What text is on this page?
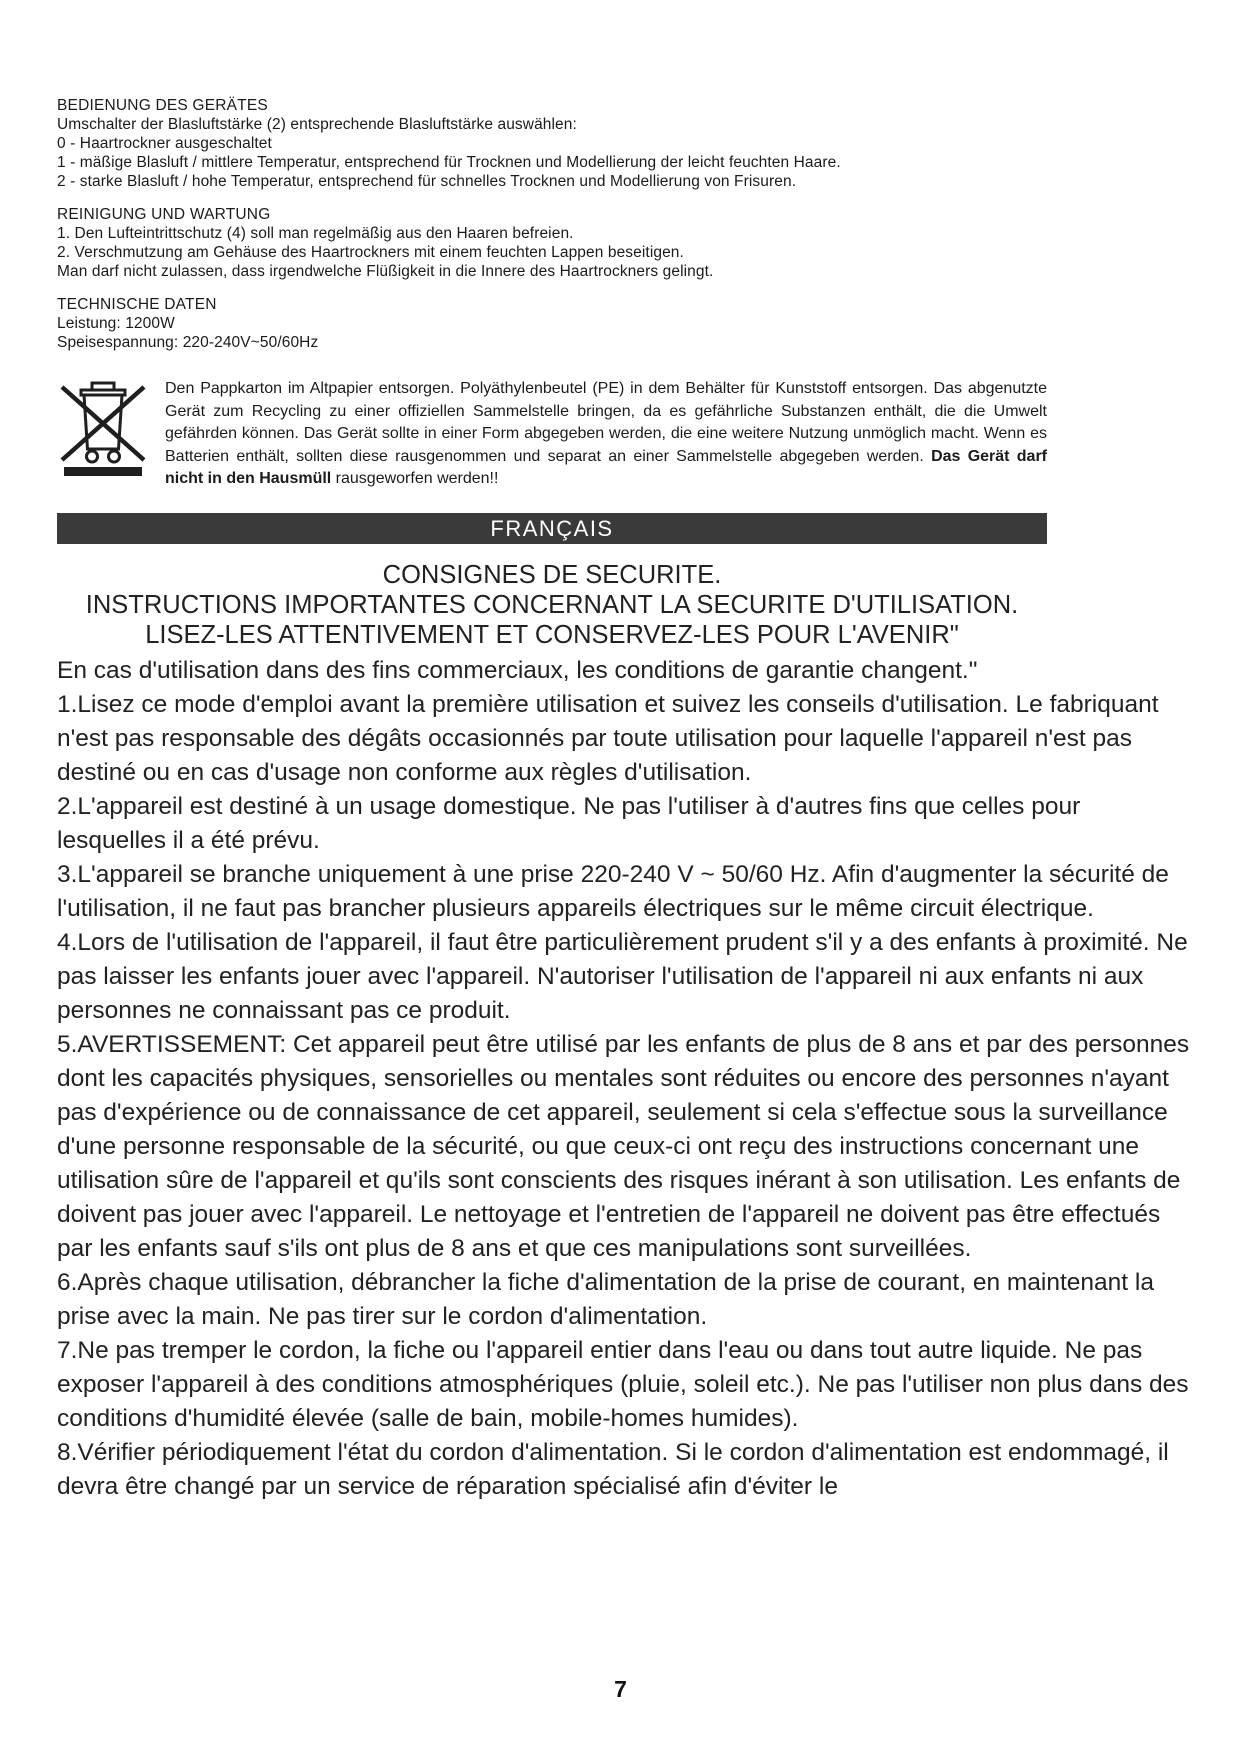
BEDIENUNG DES GERÄTES
Umschalter der Blasluftstärke (2) entsprechende Blasluftstärke auswählen:
0 - Haartrockner ausgeschaltet
1 - mäßige Blasluft / mittlere Temperatur, entsprechend für Trocknen und Modellierung der leicht feuchten Haare.
2 - starke Blasluft / hohe Temperatur, entsprechend für schnelles Trocknen und Modellierung von Frisuren.
REINIGUNG UND WARTUNG
1. Den Lufteintrittschutz (4) soll man regelmäßig aus den Haaren befreien.
2. Verschmutzung am Gehäuse des Haartrockners mit einem feuchten Lappen beseitigen.
Man darf nicht zulassen, dass irgendwelche Flüßigkeit in die Innere des Haartrockners gelingt.
TECHNISCHE DATEN
Leistung: 1200W
Speisespannung: 220-240V~50/60Hz
Den Pappkarton im Altpapier entsorgen. Polyäthylenbeutel (PE) in dem Behälter für Kunststoff entsorgen. Das abgenutzte Gerät zum Recycling zu einer offiziellen Sammelstelle bringen, da es gefährliche Substanzen enthält, die die Umwelt gefährden können. Das Gerät sollte in einer Form abgegeben werden, die eine weitere Nutzung unmöglich macht. Wenn es Batterien enthält, sollten diese rausgenommen und separat an einer Sammelstelle abgegeben werden. Das Gerät darf nicht in den Hausmüll rausgeworfen werden!!
FRANÇAIS
CONSIGNES DE SECURITE.
INSTRUCTIONS IMPORTANTES CONCERNANT LA SECURITE D'UTILISATION.
LISEZ-LES ATTENTIVEMENT ET CONSERVEZ-LES POUR L'AVENIR"

En cas d'utilisation dans des fins commerciaux, les conditions de garantie changent."

1.Lisez ce mode d'emploi avant la première utilisation et suivez les conseils d'utilisation. Le fabriquant n'est pas responsable des dégâts occasionnés par toute utilisation pour laquelle l'appareil n'est pas destiné ou en cas d'usage non conforme aux règles d'utilisation.

2.L'appareil est destiné à un usage domestique. Ne pas l'utiliser à d'autres fins que celles pour lesquelles il a été prévu.

3.L'appareil se branche uniquement à une prise 220-240 V ~ 50/60 Hz. Afin d'augmenter la sécurité de l'utilisation, il ne faut pas brancher plusieurs appareils électriques sur le même circuit électrique.

4.Lors de l'utilisation de l'appareil, il faut être particulièrement prudent s'il y a des enfants à proximité. Ne pas laisser les enfants jouer avec l'appareil. N'autoriser l'utilisation de l'appareil ni aux enfants ni aux personnes ne connaissant pas ce produit.

5.AVERTISSEMENT: Cet appareil peut être utilisé par les enfants de plus de 8 ans et par des personnes dont les capacités physiques, sensorielles ou mentales sont réduites ou encore des personnes n'ayant pas d'expérience ou de connaissance de cet appareil, seulement si cela s'effectue sous la surveillance d'une personne responsable de la sécurité, ou que ceux-ci ont reçu des instructions concernant une utilisation sûre de l'appareil et qu'ils sont conscients des risques inérant à son utilisation. Les enfants de doivent pas jouer avec l'appareil. Le nettoyage et l'entretien de l'appareil ne doivent pas être effectués par les enfants sauf s'ils ont plus de 8 ans et que ces manipulations sont surveillées.

6.Après chaque utilisation, débrancher la fiche d'alimentation de la prise de courant, en maintenant la prise avec la main. Ne pas tirer sur le cordon d'alimentation.

7.Ne pas tremper le cordon, la fiche ou l'appareil entier dans l'eau ou dans tout autre liquide. Ne pas exposer l'appareil à des conditions atmosphériques (pluie, soleil etc.). Ne pas l'utiliser non plus dans des conditions d'humidité élevée (salle de bain, mobile-homes humides).

8.Vérifier périodiquement l'état du cordon d'alimentation. Si le cordon d'alimentation est endommagé, il devra être changé par un service de réparation spécialisé afin d'éviter le

7
